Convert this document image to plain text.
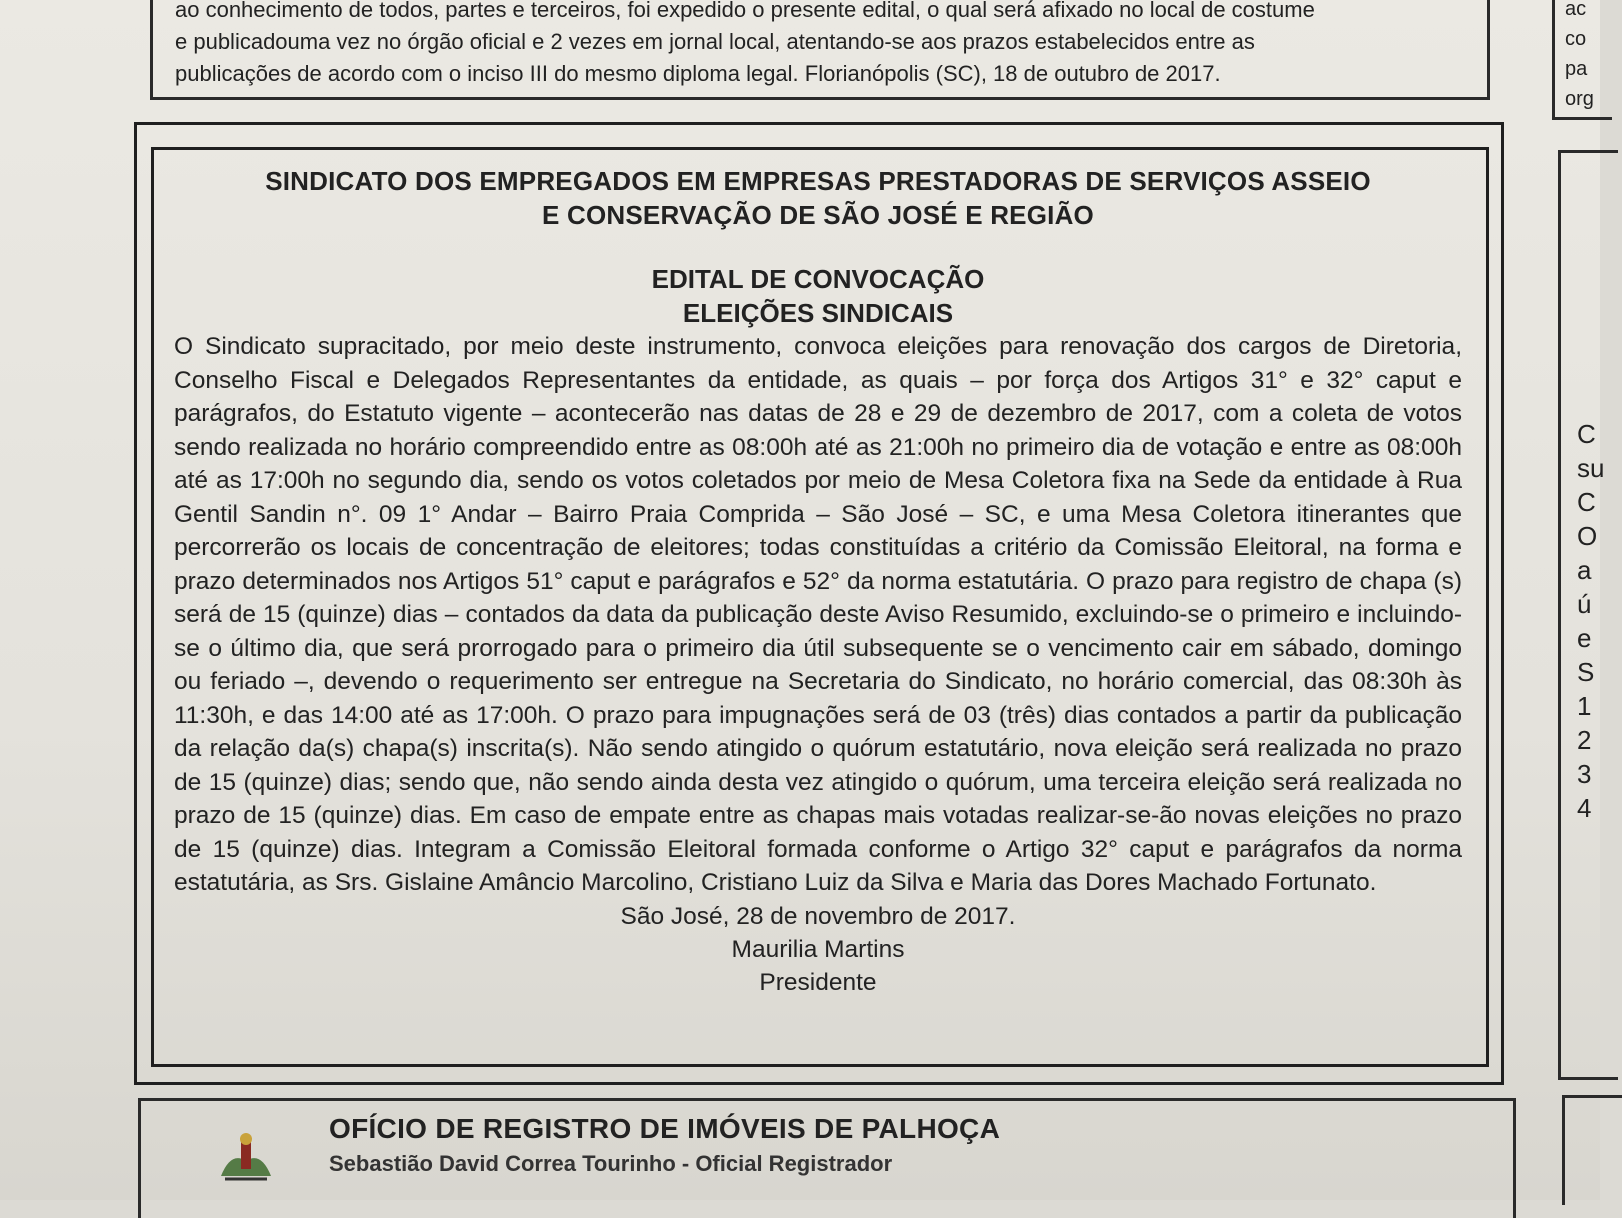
ao conhecimento de todos, partes e terceiros, foi expedido o presente edital, o qual será afixado no local de costume

e publicadouma vez no órgão oficial e 2 vezes em jornal local, atentando-se aos prazos estabelecidos entre as

publicações de acordo com o inciso III do mesmo diploma legal. Florianópolis (SC), 18 de outubro de 2017.

ac
co
pa
org
C
su
C
O
a
ú
e
S
1
2
3
4

SINDICATO DOS EMPREGADOS EM EMPRESAS PRESTADORAS DE SERVIÇOS ASSEIO

E CONSERVAÇÃO DE SÃO JOSÉ E REGIÃO

EDITAL DE CONVOCAÇÃO

ELEIÇÕES SINDICAIS

O Sindicato supracitado, por meio deste instrumento, convoca eleições para renovação dos cargos de Diretoria, Conselho Fiscal e Delegados Representantes da entidade, as quais – por força dos Artigos 31° e 32° caput e parágrafos, do Estatuto vigente – acontecerão nas datas de 28 e 29 de dezembro de 2017, com a coleta de votos sendo realizada no horário compreendido entre as 08:00h até as 21:00h no primeiro dia de votação e entre as 08:00h até as 17:00h no segundo dia, sendo os votos coletados por meio de Mesa Coletora fixa na Sede da entidade à Rua Gentil Sandin n°. 09 1° Andar – Bairro Praia Comprida – São José – SC, e uma Mesa Coletora itinerantes que percorrerão os locais de concentração de eleitores; todas constituídas a critério da Comissão Eleitoral, na forma e prazo determinados nos Artigos 51° caput e parágrafos e 52° da norma estatutária. O prazo para registro de chapa (s) será de 15 (quinze) dias – contados da data da publicação deste Aviso Resumido, excluindo-se o primeiro e incluindo-se o último dia, que será prorrogado para o primeiro dia útil subsequente se o vencimento cair em sábado, domingo ou feriado –, devendo o requerimento ser entregue na Secretaria do Sindicato, no horário comercial, das 08:30h às 11:30h, e das 14:00 até as 17:00h. O prazo para impugnações será de 03 (três) dias contados a partir da publicação da relação da(s) chapa(s) inscrita(s). Não sendo atingido o quórum estatutário, nova eleição será realizada no prazo de 15 (quinze) dias; sendo que, não sendo ainda desta vez atingido o quórum, uma terceira eleição será realizada no prazo de 15 (quinze) dias. Em caso de empate entre as chapas mais votadas realizar-se-ão novas eleições no prazo de 15 (quinze) dias. Integram a Comissão Eleitoral formada conforme o Artigo 32° caput e parágrafos da norma estatutária, as Srs. Gislaine Amâncio Marcolino, Cristiano Luiz da Silva e Maria das Dores Machado Fortunato.

São José, 28 de novembro de 2017.

Maurilia Martins

Presidente

OFÍCIO DE REGISTRO DE IMÓVEIS DE PALHOÇA

Sebastião David Correa Tourinho - Oficial Registrador
